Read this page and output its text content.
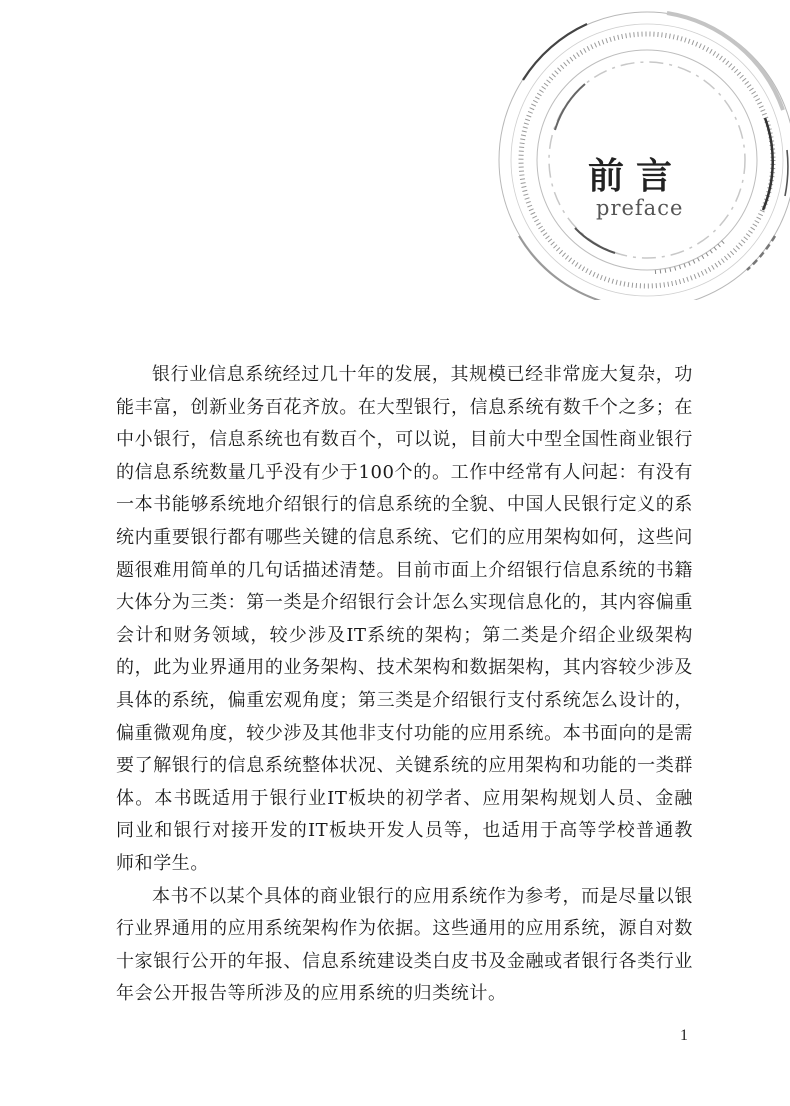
前言
preface

银行业信息系统经过几十年的发展，其规模已经非常庞大复杂，功能丰富，创新业务百花齐放。在大型银行，信息系统有数千个之多；在中小银行，信息系统也有数百个，可以说，目前大中型全国性商业银行的信息系统数量几乎没有少于100个的。工作中经常有人问起：有没有一本书能够系统地介绍银行的信息系统的全貌、中国人民银行定义的系统内重要银行都有哪些关键的信息系统、它们的应用架构如何，这些问题很难用简单的几句话描述清楚。目前市面上介绍银行信息系统的书籍大体分为三类：第一类是介绍银行会计怎么实现信息化的，其内容偏重会计和财务领域，较少涉及IT系统的架构；第二类是介绍企业级架构的，此为业界通用的业务架构、技术架构和数据架构，其内容较少涉及具体的系统，偏重宏观角度；第三类是介绍银行支付系统怎么设计的，偏重微观角度，较少涉及其他非支付功能的应用系统。本书面向的是需要了解银行的信息系统整体状况、关键系统的应用架构和功能的一类群体。本书既适用于银行业IT板块的初学者、应用架构规划人员、金融同业和银行对接开发的IT板块开发人员等，也适用于高等学校普通教师和学生。

本书不以某个具体的商业银行的应用系统作为参考，而是尽量以银行业界通用的应用系统架构作为依据。这些通用的应用系统，源自对数十家银行公开的年报、信息系统建设类白皮书及金融或者银行各类行业年会公开报告等所涉及的应用系统的归类统计。

1
